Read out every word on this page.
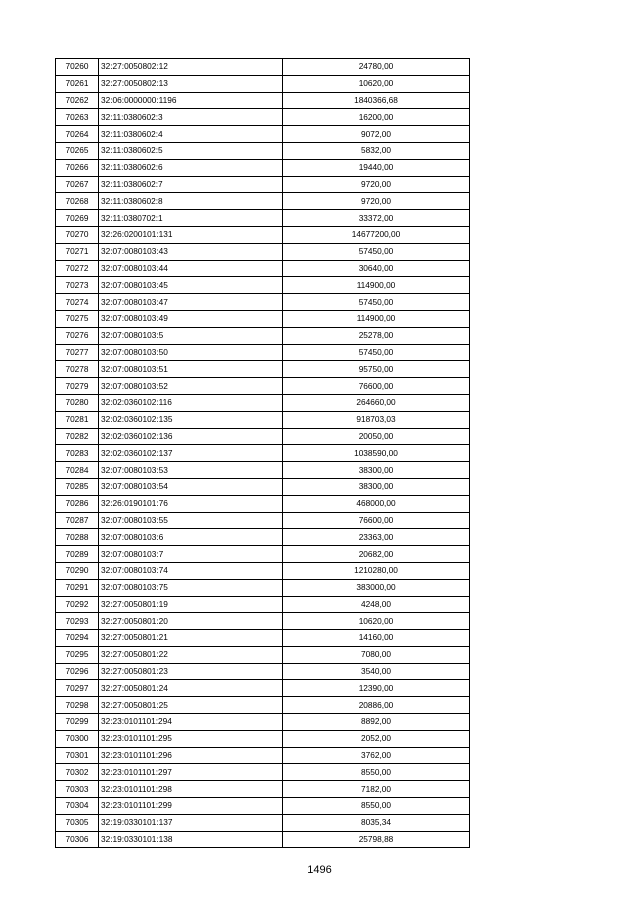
70260	32:27:0050802:12	24780,00
70261	32:27:0050802:13	10620,00
70262	32:06:0000000:1196	1840366,68
70263	32:11:0380602:3	16200,00
70264	32:11:0380602:4	9072,00
70265	32:11:0380602:5	5832,00
70266	32:11:0380602:6	19440,00
70267	32:11:0380602:7	9720,00
70268	32:11:0380602:8	9720,00
70269	32:11:0380702:1	33372,00
70270	32:26:0200101:131	14677200,00
70271	32:07:0080103:43	57450,00
70272	32:07:0080103:44	30640,00
70273	32:07:0080103:45	114900,00
70274	32:07:0080103:47	57450,00
70275	32:07:0080103:49	114900,00
70276	32:07:0080103:5	25278,00
70277	32:07:0080103:50	57450,00
70278	32:07:0080103:51	95750,00
70279	32:07:0080103:52	76600,00
70280	32:02:0360102:116	264660,00
70281	32:02:0360102:135	918703,03
70282	32:02:0360102:136	20050,00
70283	32:02:0360102:137	1038590,00
70284	32:07:0080103:53	38300,00
70285	32:07:0080103:54	38300,00
70286	32:26:0190101:76	468000,00
70287	32:07:0080103:55	76600,00
70288	32:07:0080103:6	23363,00
70289	32:07:0080103:7	20682,00
70290	32:07:0080103:74	1210280,00
70291	32:07:0080103:75	383000,00
70292	32:27:0050801:19	4248,00
70293	32:27:0050801:20	10620,00
70294	32:27:0050801:21	14160,00
70295	32:27:0050801:22	7080,00
70296	32:27:0050801:23	3540,00
70297	32:27:0050801:24	12390,00
70298	32:27:0050801:25	20886,00
70299	32:23:0101101:294	8892,00
70300	32:23:0101101:295	2052,00
70301	32:23:0101101:296	3762,00
70302	32:23:0101101:297	8550,00
70303	32:23:0101101:298	7182,00
70304	32:23:0101101:299	8550,00
70305	32:19:0330101:137	8035,34
70306	32:19:0330101:138	25798,88
1496
